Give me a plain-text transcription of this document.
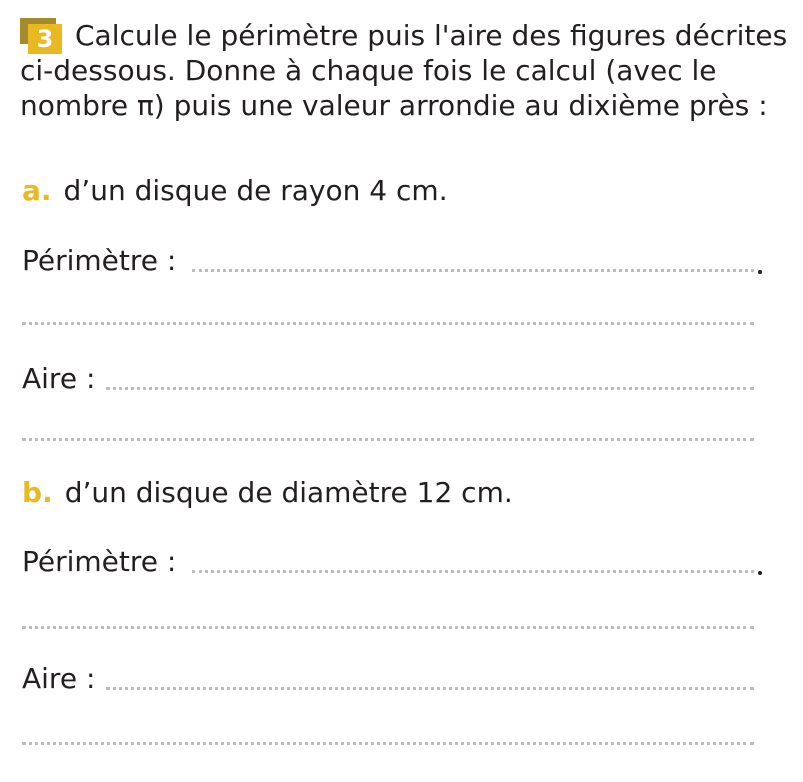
3 Calcule le périmètre puis l'aire des figures décrites ci-dessous. Donne à chaque fois le calcul (avec le nombre π) puis une valeur arrondie au dixième près :

a. d’un disque de rayon 4 cm.
Périmètre :
Aire :
b. d’un disque de diamètre 12 cm.
Périmètre :
Aire :
